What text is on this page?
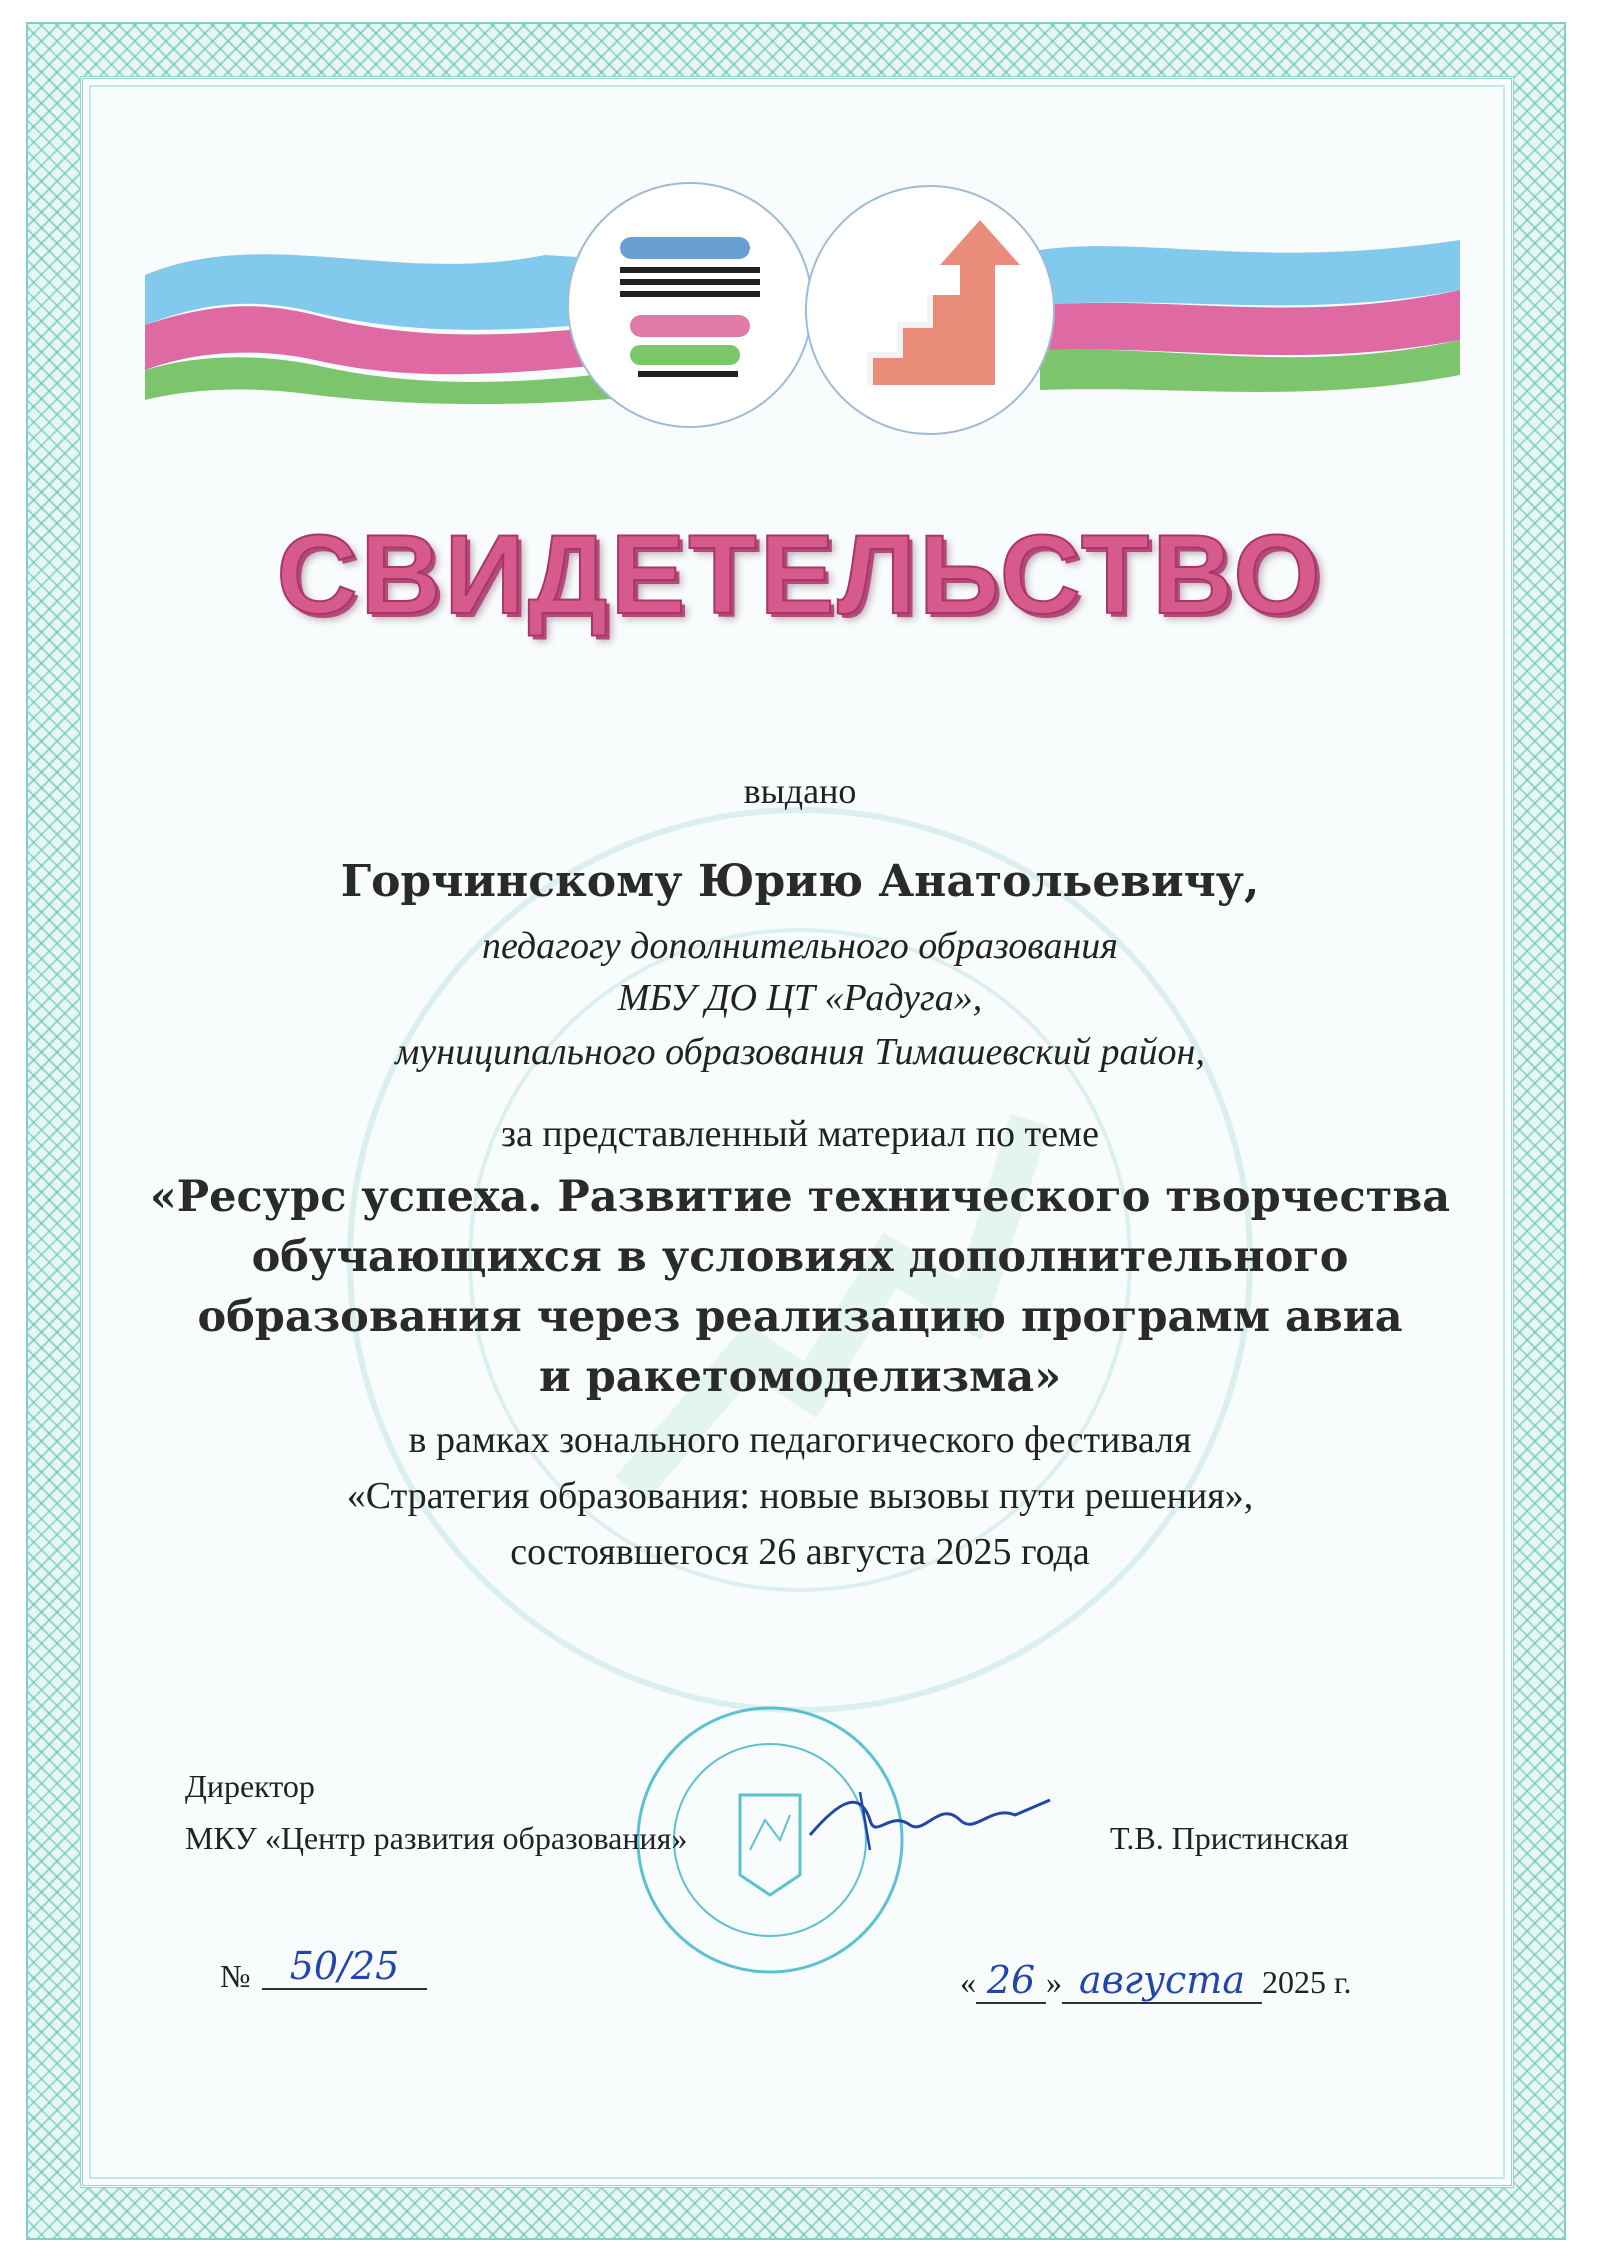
СВИДЕТЕЛЬСТВО
выдано
Горчинскому Юрию Анатольевичу,
педагогу дополнительного образования
МБУ ДО ЦТ «Радуга»,
муниципального образования Тимашевский район,
за представленный материал по теме
«Ресурс успеха. Развитие технического творчества
обучающихся в условиях дополнительного
образования через реализацию программ авиа
и ракетомоделизма»
в рамках зонального педагогического фестиваля
«Стратегия образования: новые вызовы пути решения»,
состоявшегося 26 августа 2025 года
Директор
МКУ «Центр развития образования»	Т.В. Пристинская
№	50/25	« 26 » августа 2025 г.
